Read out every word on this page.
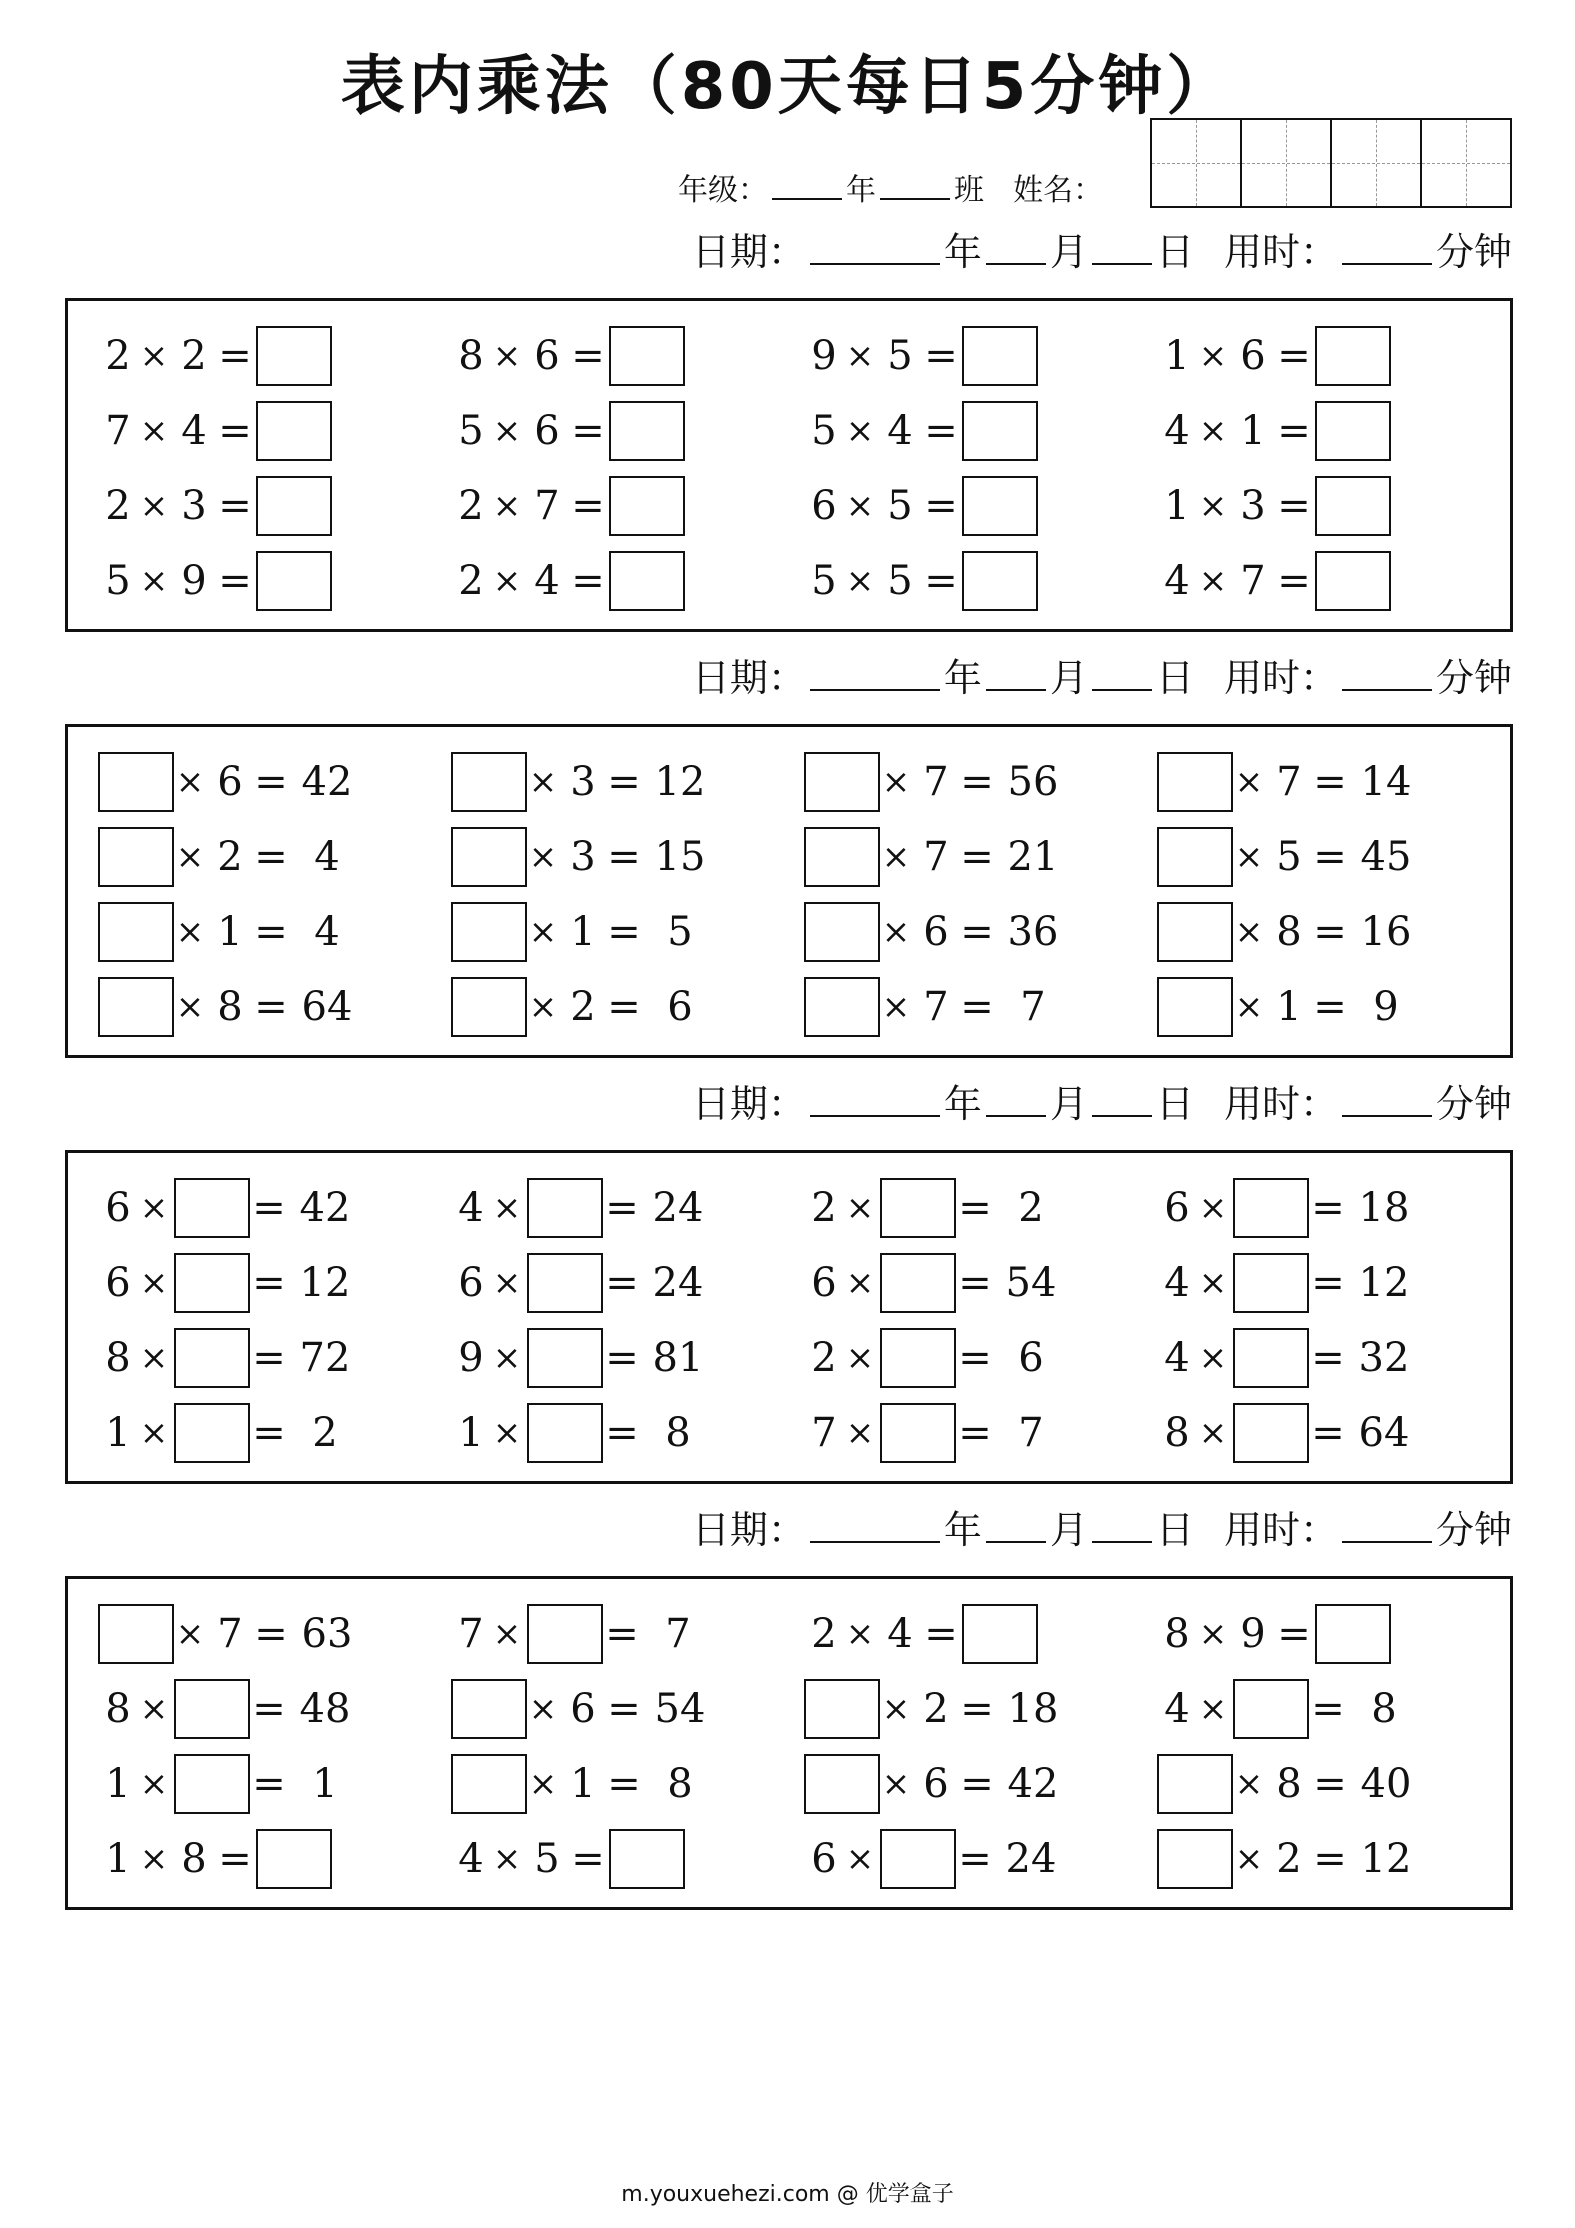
表内乘法（80天每日5分钟）
年级：	年	班 姓名：
日期：	年 月 日 用时：	分钟
2 × 2 =	8 × 6 =	9 × 5 =	1 × 6 =
7 × 4 =	5 × 6 =	5 × 4 =	4 × 1 =
2 × 3 =	2 × 7 =	6 × 5 =	1 × 3 =
5 × 9 =	2 × 4 =	5 × 5 =	4 × 7 =
日期：	年 月 日 用时：	分钟
× 6 = 42	× 3 = 12	× 7 = 56	× 7 = 14
× 2 = 4	× 3 = 15	× 7 = 21	× 5 = 45
× 1 = 4	× 1 = 5	× 6 = 36	× 8 = 16
× 8 = 64	× 2 = 6	× 7 = 7	× 1 = 9
日期：	年 月 日 用时：	分钟
6 × = 42	4 × = 24	2 × = 2	6 × = 18
6 × = 12	6 × = 24	6 × = 54	4 × = 12
8 × = 72	9 × = 81	2 × = 6	4 × = 32
1 × = 2	1 × = 8	7 × = 7	8 × = 64
日期：	年 月 日 用时：	分钟
× 7 = 63	7 × = 7	2 × 4 =	8 × 9 =
8 × = 48	× 6 = 54	× 2 = 18	4 × = 8
1 × = 1	× 1 = 8	× 6 = 42	× 8 = 40
1 × 8 =	4 × 5 =	6 × = 24	× 2 = 12
m.youxuehezi.com @ 优学盒子
